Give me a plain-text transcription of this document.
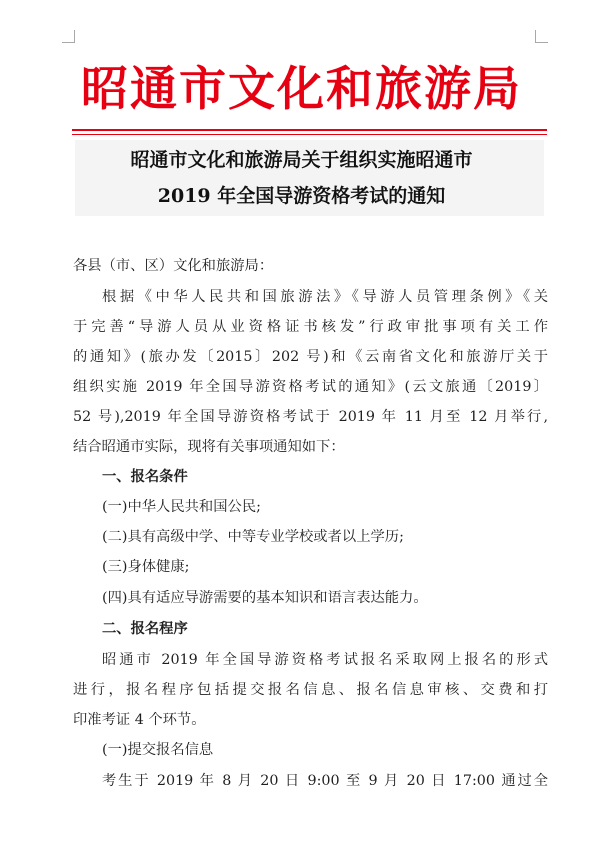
昭通市文化和旅游局
昭通市文化和旅游局关于组织实施昭通市
2019 年全国导游资格考试的通知
各县（市、区）文化和旅游局：
根据《中华人民共和国旅游法》《导游人员管理条例》《关
于完善“导游人员从业资格证书核发”行政审批事项有关工作
的通知》(旅办发〔2015〕202 号)和《云南省文化和旅游厅关于
组织实施 2019 年全国导游资格考试的通知》(云文旅通〔2019〕
52 号),2019 年全国导游资格考试于 2019 年 11 月至 12 月举行,
结合昭通市实际，现将有关事项通知如下：
一、报名条件
(一)中华人民共和国公民;
(二)具有高级中学、中等专业学校或者以上学历;
(三)身体健康;
(四)具有适应导游需要的基本知识和语言表达能力。
二、报名程序
昭通市 2019 年全国导游资格考试报名采取网上报名的形式
进行，报名程序包括提交报名信息、报名信息审核、交费和打
印准考证 4 个环节。
(一)提交报名信息
考生于 2019 年 8 月 20 日 9:00 至 9 月 20 日 17:00 通过全
